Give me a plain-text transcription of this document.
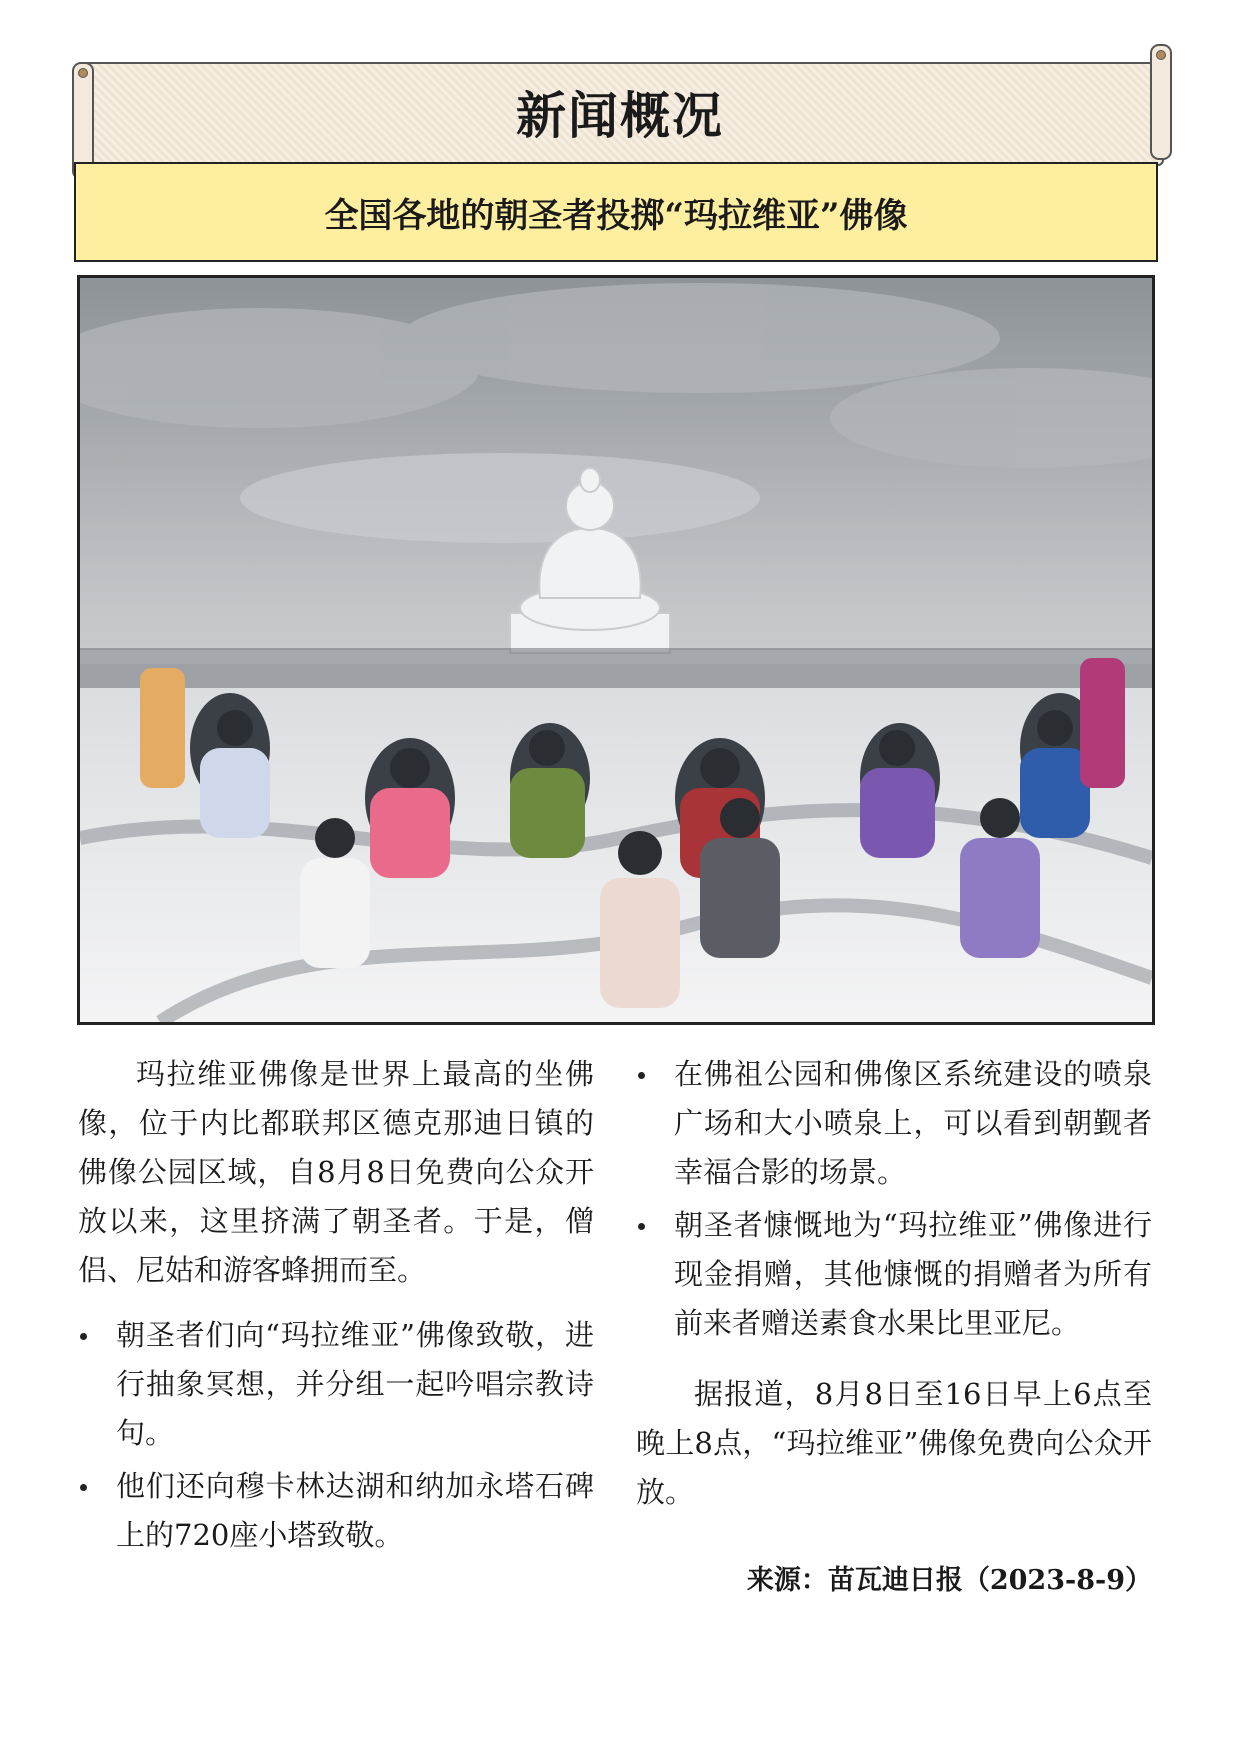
新闻概况
全国各地的朝圣者投掷“玛拉维亚”佛像

玛拉维亚佛像是世界上最高的坐佛像，位于内比都联邦区德克那迪日镇的佛像公园区域，自8月8日免费向公众开放以来，这里挤满了朝圣者。于是，僧侣、尼姑和游客蜂拥而至。

朝圣者们向“玛拉维亚”佛像致敬，进行抽象冥想，并分组一起吟唱宗教诗句。
他们还向穆卡林达湖和纳加永塔石碑上的720座小塔致敬。
在佛祖公园和佛像区系统建设的喷泉广场和大小喷泉上，可以看到朝觐者幸福合影的场景。
朝圣者慷慨地为“玛拉维亚”佛像进行现金捐赠，其他慷慨的捐赠者为所有前来者赠送素食水果比里亚尼。

据报道，8月8日至16日早上6点至晚上8点，“玛拉维亚”佛像免费向公众开放。

来源：苗瓦迪日报（2023-8-9）
